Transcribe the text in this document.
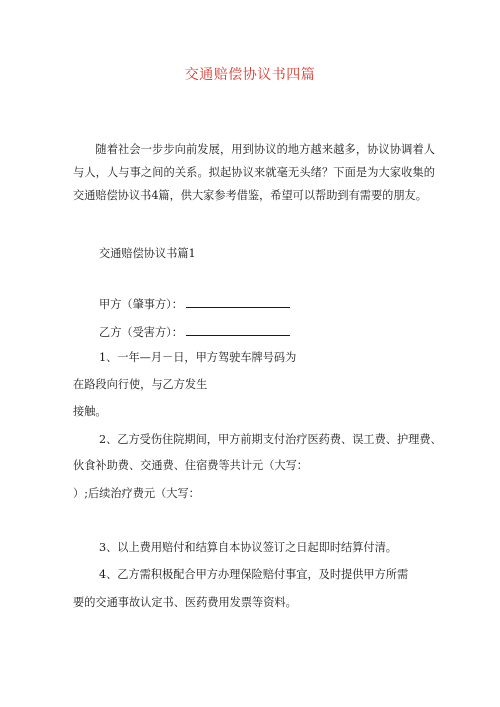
交通赔偿协议书四篇
随着社会一步步向前发展，用到协议的地方越来越多，协议协调着人与人，人与事之间的关系。拟起协议来就毫无头绪？下面是为大家收集的交通赔偿协议书4篇，供大家参考借鉴，希望可以帮助到有需要的朋友。
交通赔偿协议书篇1
甲方（肇事方）：
乙方（受害方）：
1、一年—月－日，甲方驾驶车牌号码为
在路段向行使，与乙方发生
接触。
2、乙方受伤住院期间，甲方前期支付治疗医药费、误工费、护理费、
伙食补助费、交通费、住宿费等共计元（大写：
）;后续治疗费元（大写：
3、以上费用赔付和结算自本协议签订之日起即时结算付清。
4、乙方需积极配合甲方办理保险赔付事宜，及时提供甲方所需
要的交通事故认定书、医药费用发票等资料。
